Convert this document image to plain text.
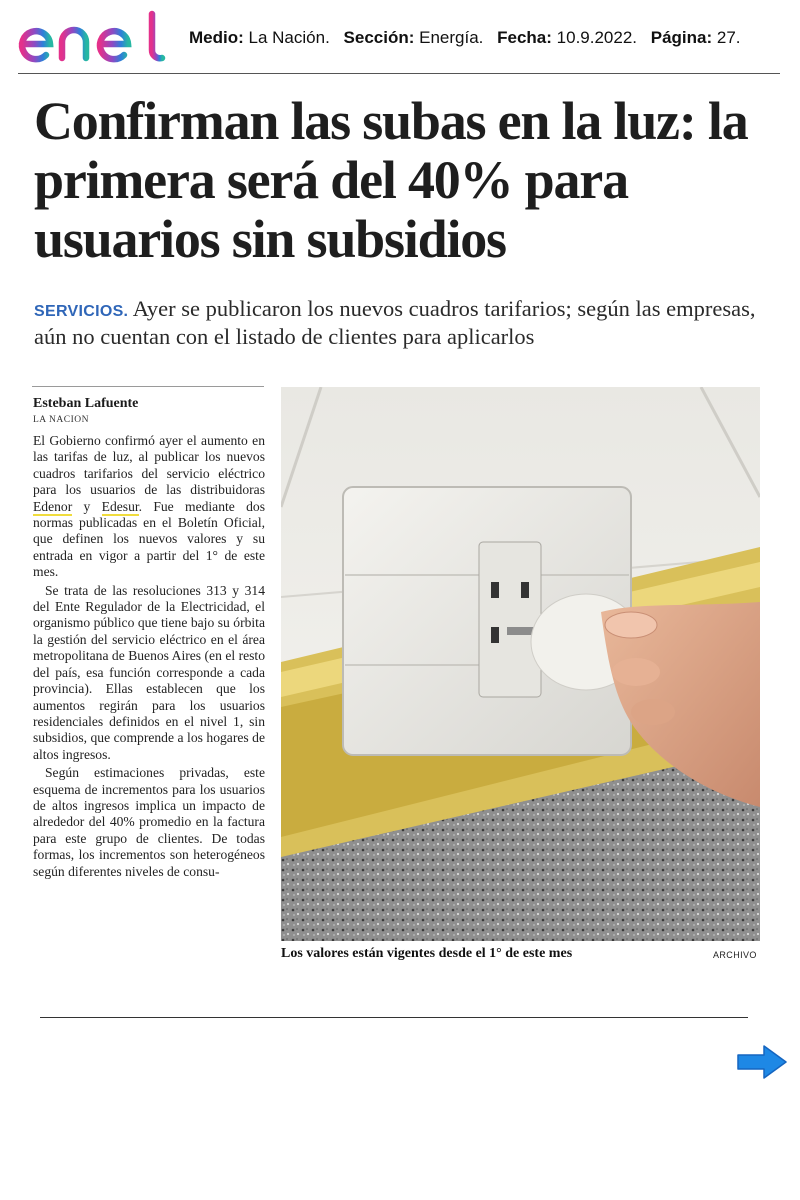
Medio: La Nación. Sección: Energía. Fecha: 10.9.2022. Página: 27.
Confirman las subas en la luz: la primera será del 40% para usuarios sin subsidios

SERVICIOS. Ayer se publicaron los nuevos cuadros tarifarios; según las empresas, aún no cuentan con el listado de clientes para aplicarlos

Esteban Lafuente
LA NACION

El Gobierno confirmó ayer el aumento en las tarifas de luz, al publicar los nuevos cuadros tarifarios del servicio eléctrico para los usuarios de las distribuidoras Edenor y Edesur. Fue mediante dos normas publicadas en el Boletín Oficial, que definen los nuevos valores y su entrada en vigor a partir del 1° de este mes.

Se trata de las resoluciones 313 y 314 del Ente Regulador de la Electricidad, el organismo público que tiene bajo su órbita la gestión del servicio eléctrico en el área metropolitana de Buenos Aires (en el resto del país, esa función corresponde a cada provincia). Ellas establecen que los aumentos regirán para los usuarios residenciales definidos en el nivel 1, sin subsidios, que comprende a los hogares de altos ingresos.

Según estimaciones privadas, este esquema de incrementos para los usuarios de altos ingresos implica un impacto de alrededor del 40% promedio en la factura para este grupo de clientes. De todas formas, los incrementos son heterogéneos según diferentes niveles de consu-

Los valores están vigentes desde el 1° de este mes	ARCHIVO
